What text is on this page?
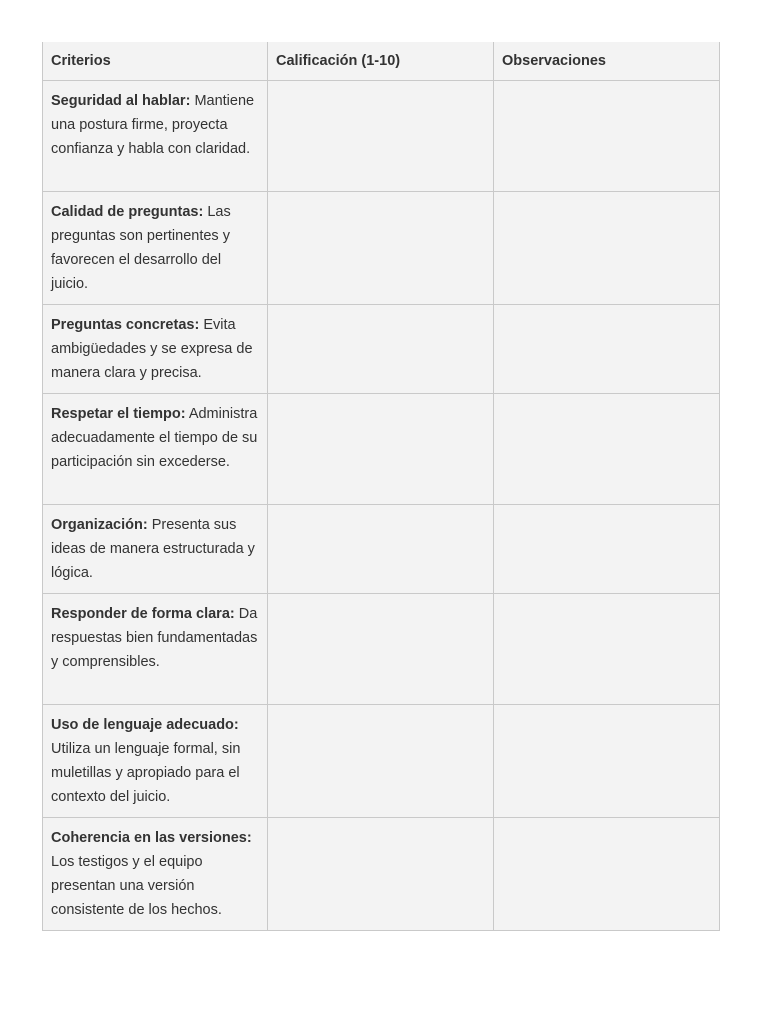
Criterios	Calificación (1-10)	Observaciones
Seguridad al hablar: Mantiene una postura firme, proyecta confianza y habla con claridad.		
Calidad de preguntas: Las preguntas son pertinentes y favorecen el desarrollo del juicio.		
Preguntas concretas: Evita ambigüedades y se expresa de manera clara y precisa.		
Respetar el tiempo: Administra adecuadamente el tiempo de su participación sin excederse.		
Organización: Presenta sus ideas de manera estructurada y lógica.		
Responder de forma clara: Da respuestas bien fundamentadas y comprensibles.		
Uso de lenguaje adecuado: Utiliza un lenguaje formal, sin muletillas y apropiado para el contexto del juicio.		
Coherencia en las versiones: Los testigos y el equipo presentan una versión consistente de los hechos.		
